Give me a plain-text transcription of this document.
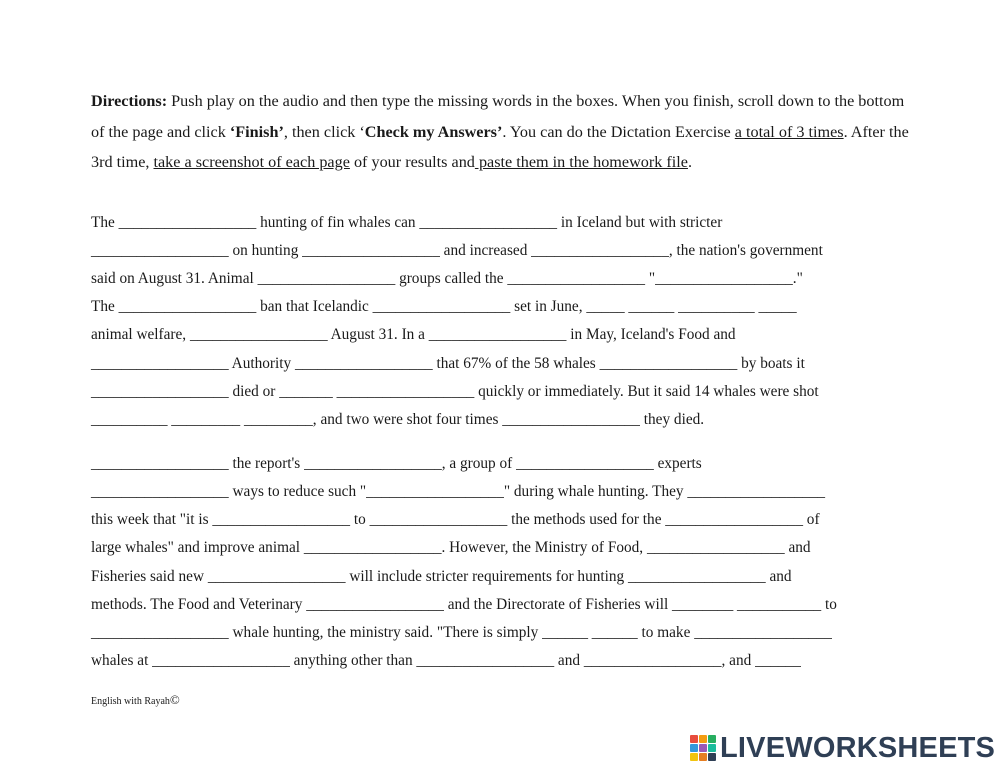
Directions: Push play on the audio and then type the missing words in the boxes. When you finish, scroll down to the bottom of the page and click ‘Finish’, then click ‘Check my Answers’. You can do the Dictation Exercise a total of 3 times. After the 3rd time, take a screenshot of each page of your results and paste them in the homework file.

The __________________ hunting of fin whales can __________________ in Iceland but with stricter
__________________ on hunting __________________ and increased __________________, the nation's government
said on August 31. Animal __________________ groups called the __________________ "__________________."
The __________________ ban that Icelandic __________________ set in June, _____ ______ __________ _____
animal welfare, __________________ August 31. In a __________________ in May, Iceland's Food and
__________________ Authority __________________ that 67% of the 58 whales __________________ by boats it
__________________ died or _______ __________________ quickly or immediately. But it said 14 whales were shot
__________ _________ _________, and two were shot four times __________________ they died.
__________________ the report's __________________, a group of __________________ experts
__________________ ways to reduce such "__________________" during whale hunting. They __________________
this week that "it is __________________ to __________________ the methods used for the __________________ of
large whales" and improve animal __________________. However, the Ministry of Food, __________________ and
Fisheries said new __________________ will include stricter requirements for hunting __________________ and
methods. The Food and Veterinary __________________ and the Directorate of Fisheries will ________ ___________ to
__________________ whale hunting, the ministry said. "There is simply ______ ______ to make __________________
whales at __________________ anything other than __________________ and __________________, and ______
English with Rayah©
LIVEWORKSHEETS
